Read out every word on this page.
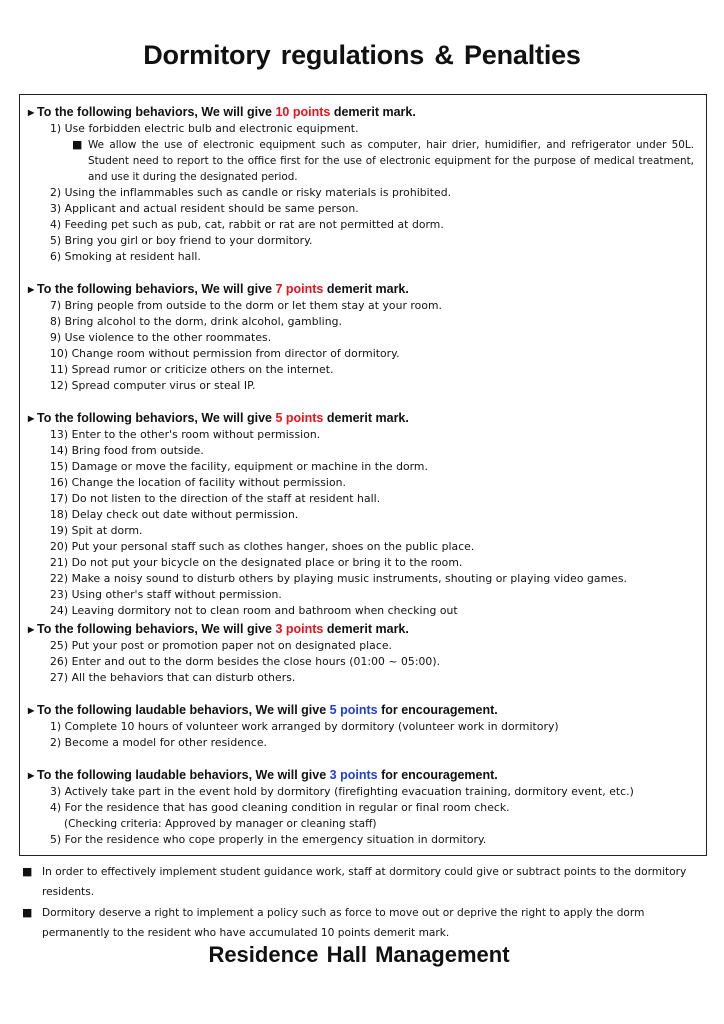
Dormitory regulations & Penalties
▶ To the following behaviors, We will give 10 points demerit mark.
1) Use forbidden electric bulb and electronic equipment.
■ We allow the use of electronic equipment such as computer, hair drier, humidifier, and refrigerator under 50L. Student need to report to the office first for the use of electronic equipment for the purpose of medical treatment, and use it during the designated period.
2) Using the inflammables such as candle or risky materials is prohibited.
3) Applicant and actual resident should be same person.
4) Feeding pet such as pub, cat, rabbit or rat are not permitted at dorm.
5) Bring you girl or boy friend to your dormitory.
6) Smoking at resident hall.
▶ To the following behaviors, We will give 7 points demerit mark.
7) Bring people from outside to the dorm or let them stay at your room.
8) Bring alcohol to the dorm, drink alcohol, gambling.
9) Use violence to the other roommates.
10) Change room without permission from director of dormitory.
11) Spread rumor or criticize others on the internet.
12) Spread computer virus or steal IP.
▶ To the following behaviors, We will give 5 points demerit mark.
13) Enter to the other's room without permission.
14) Bring food from outside.
15) Damage or move the facility, equipment or machine in the dorm.
16) Change the location of facility without permission.
17) Do not listen to the direction of the staff at resident hall.
18) Delay check out date without permission.
19) Spit at dorm.
20) Put your personal staff such as clothes hanger, shoes on the public place.
21) Do not put your bicycle on the designated place or bring it to the room.
22) Make a noisy sound to disturb others by playing music instruments, shouting or playing video games.
23) Using other's staff without permission.
24) Leaving dormitory not to clean room and bathroom when checking out
▶ To the following behaviors, We will give 3 points demerit mark.
25) Put your post or promotion paper not on designated place.
26) Enter and out to the dorm besides the close hours (01:00 ~ 05:00).
27) All the behaviors that can disturb others.
▶ To the following laudable behaviors, We will give 5 points for encouragement.
1) Complete 10 hours of volunteer work arranged by dormitory (volunteer work in dormitory)
2) Become a model for other residence.
▶ To the following laudable behaviors, We will give 3 points for encouragement.
3) Actively take part in the event hold by dormitory (firefighting evacuation training, dormitory event, etc.)
4) For the residence that has good cleaning condition in regular or final room check.
(Checking criteria: Approved by manager or cleaning staff)
5) For the residence who cope properly in the emergency situation in dormitory.
■ In order to effectively implement student guidance work, staff at dormitory could give or subtract points to the dormitory residents.
■ Dormitory deserve a right to implement a policy such as force to move out or deprive the right to apply the dorm permanently to the resident who have accumulated 10 points demerit mark.
Residence Hall Management
